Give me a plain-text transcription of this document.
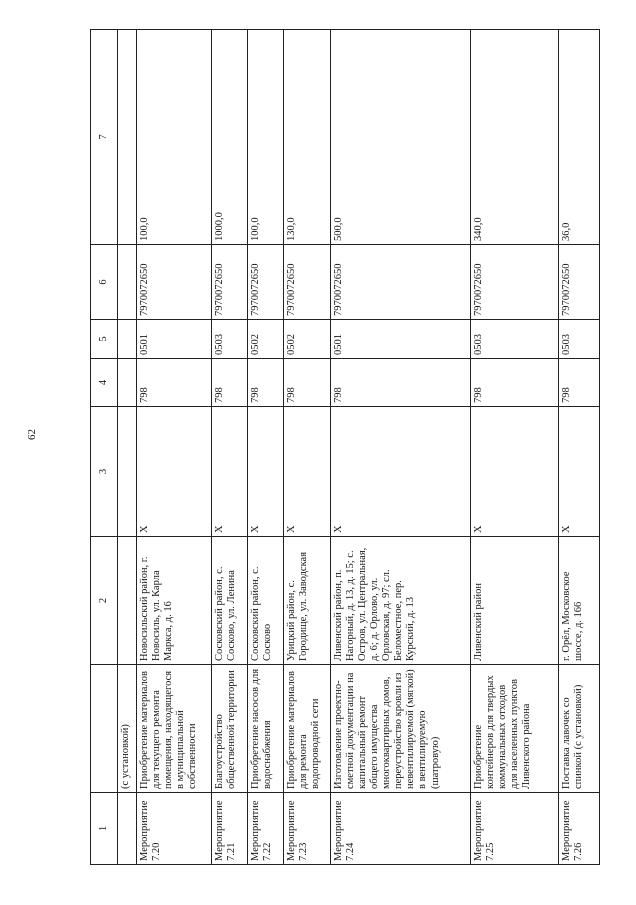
62
1		2	3	4	5	6	7
	(с установкой)						
Мероприятие 7.20	Приобретение материалов для текущего ремонта помещения, находящегося в муниципальной собственности	Новосильский район, г. Новосиль, ул. Карла Маркса, д. 16	X	798	0501	7970072650	100,0
Мероприятие 7.21	Благоустройство общественной территории	Сосковский район, с. Сосково, ул. Ленина	X	798	0503	7970072650	1000,0
Мероприятие 7.22	Приобретение насосов для водоснабжения	Сосковский район, с. Сосково	X	798	0502	7970072650	100,0
Мероприятие 7.23	Приобретение материалов для ремонта водопроводной сети	Урицкий район, с. Городище, ул. Заводская	X	798	0502	7970072650	130,0
Мероприятие 7.24	Изготовление проектно-сметной документации на капитальный ремонт общего имущества многоквартирных домов, переустройство кровли из невентилируемой (мягкой) в вентилируемую (шатровую)	Ливенский район, п. Нагорный, д. 13, д. 15; с. Остров, ул. Центральная, д. 6; д. Орлово, ул. Орловская, д. 97; сл. Беломестное, пер. Курский, д. 13	X	798	0501	7970072650	500,0
Мероприятие 7.25	Приобретение контейнеров для твердых коммунальных отходов для населенных пунктов Ливенского района	Ливенский район	X	798	0503	7970072650	340,0
Мероприятие 7.26	Поставка лавочек со спинкой (с установкой)	г. Орёл, Московское шоссе, д. 166	X	798	0503	7970072650	36,0
